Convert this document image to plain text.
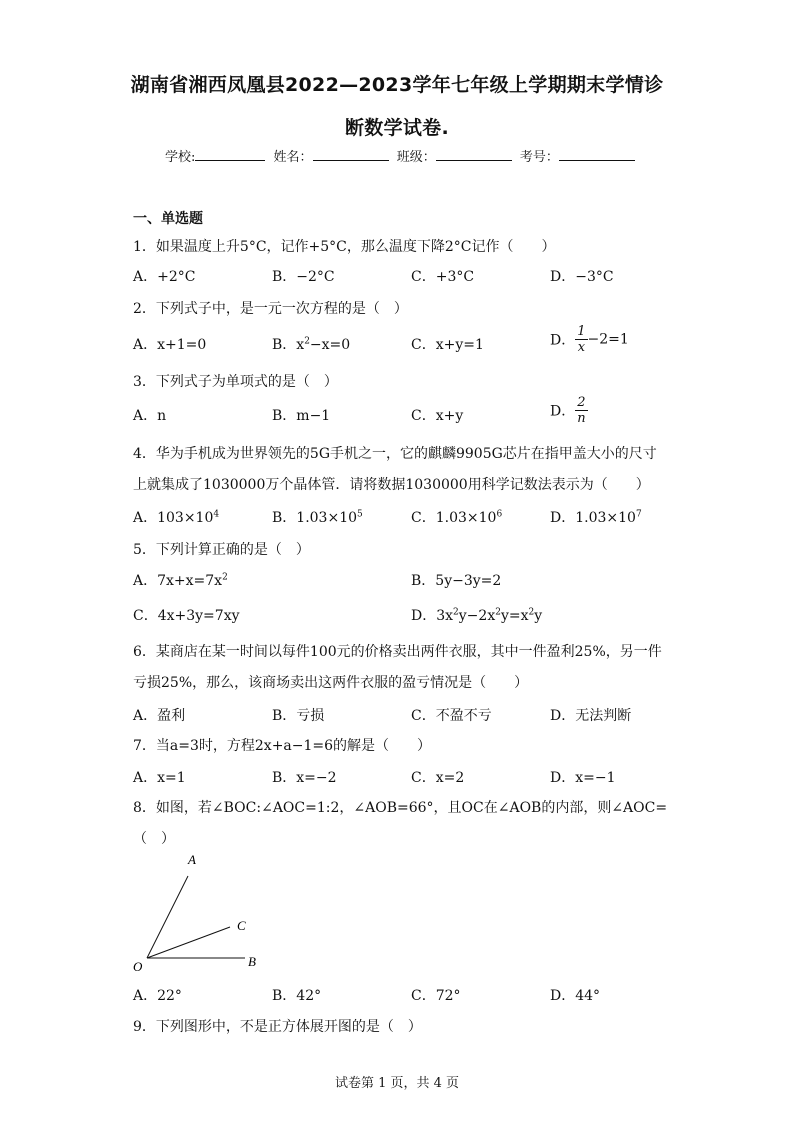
湖南省湘西凤凰县2022—2023学年七年级上学期期末学情诊
断数学试卷.
学校:	姓名：	班级：	考号：
一、单选题
1．如果温度上升5°C，记作+5°C，那么温度下降2°C记作（　　）
A．+2°C	B．−2°C	C．+3°C	D．−3°C
2．下列式子中，是一元一次方程的是（　）
A．x+1=0	B．$x^2-x=0$	C．x+y=1	D． $\frac{1}{x} -2=1$
3．下列式子为单项式的是（　）
A．n	B．m−1	C．x+y	D． $\frac{2}{n}$
4．华为手机成为世界领先的5G手机之一，它的麒麟9905G芯片在指甲盖大小的尺寸
上就集成了1030000万个晶体管．请将数据1030000用科学记数法表示为（　　）
A．$103\times 10^4$	B．$1.03\times 10^5$	C．$1.03\times 10^6$	D．$1.03\times 10^7$
5．下列计算正确的是（　）
A．$7x+x=7x^2$	B．5y−3y=2
C．4x+3y=7xy	D．$3x^2y-2x^2y=x^2y$
6．某商店在某一时间以每件100元的价格卖出两件衣服，其中一件盈利25%，另一件
亏损25%，那么，该商场卖出这两件衣服的盈亏情况是（　　）
A．盈利	B．亏损	C．不盈不亏	D．无法判断
7．当a=3时，方程2x+a−1=6的解是（　　）
A．x=1	B．x=−2	C．x=2	D．x=−1
8．如图，若∠BOC:∠AOC=1:2，∠AOB=66°，且OC在∠AOB的内部，则∠AOC=
（　）
A
C
B
O
A．22°	B．42°	C．72°	D．44°
9．下列图形中，不是正方体展开图的是（　）
试卷第 1 页，共 4 页
